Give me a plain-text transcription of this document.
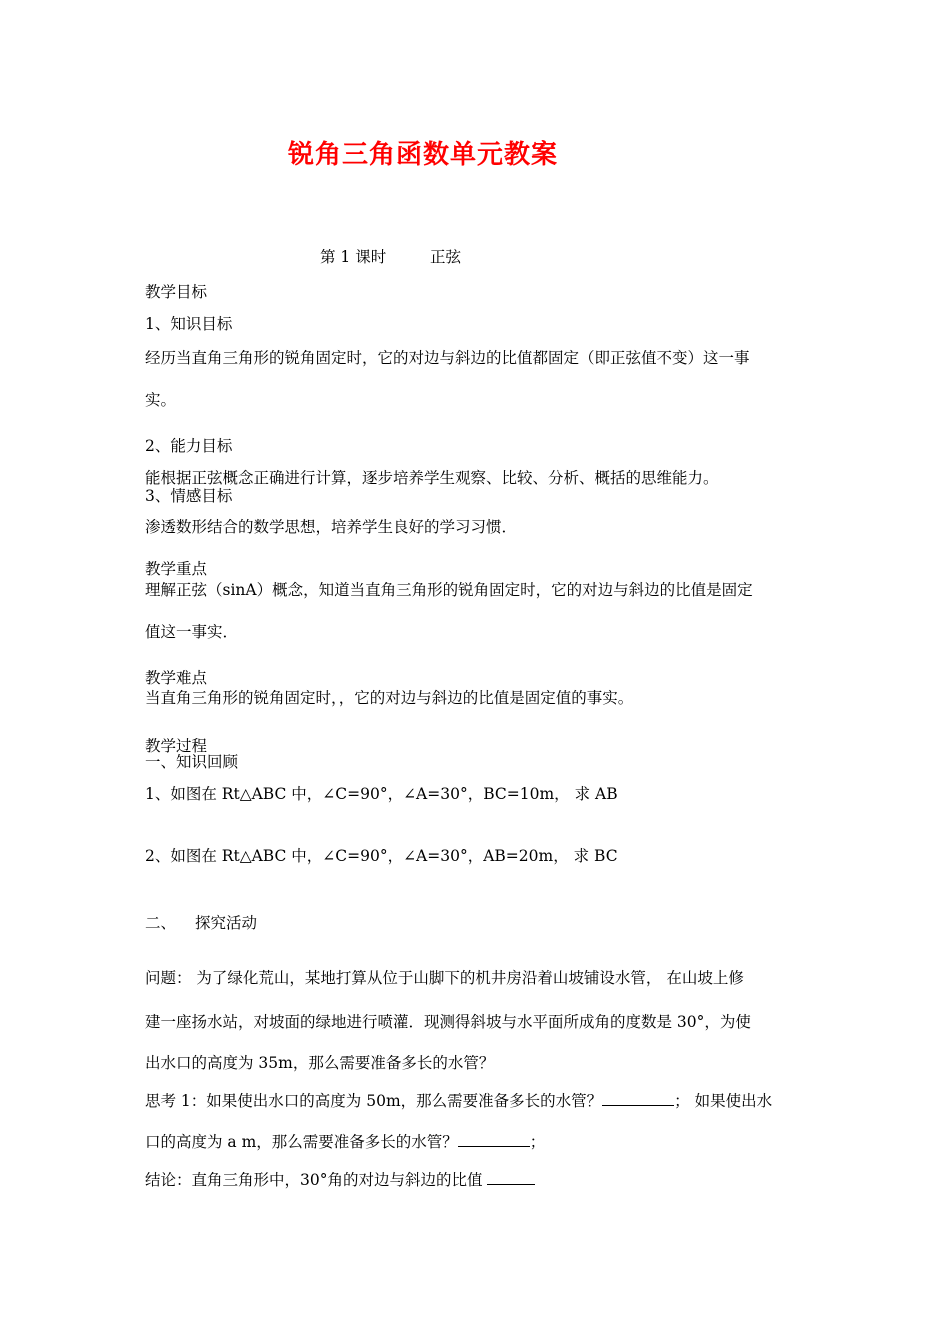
锐角三角函数单元教案
第 1 课时	正弦
教学目标
1、知识目标
经历当直角三角形的锐角固定时，它的对边与斜边的比值都固定（即正弦值不变）这一事
实。
2、能力目标
能根据正弦概念正确进行计算，逐步培养学生观察、比较、分析、概括的思维能力。
3、情感目标
渗透数形结合的数学思想，培养学生良好的学习习惯．
教学重点
理解正弦（sinA）概念，知道当直角三角形的锐角固定时，它的对边与斜边的比值是固定
值这一事实．
教学难点
当直角三角形的锐角固定时，，它的对边与斜边的比值是固定值的事实。
教学过程
一、知识回顾
1、如图在 Rt△ABC 中，∠C=90°，∠A=30°，BC=10m， 求 AB
2、如图在 Rt△ABC 中，∠C=90°，∠A=30°，AB=20m， 求 BC
二、 探究活动
问题： 为了绿化荒山，某地打算从位于山脚下的机井房沿着山坡铺设水管， 在山坡上修
建一座扬水站，对坡面的绿地进行喷灌．现测得斜坡与水平面所成角的度数是 30°，为使
出水口的高度为 35m，那么需要准备多长的水管？
思考 1：如果使出水口的高度为 50m，那么需要准备多长的水管？	； 如果使出水
口的高度为 a m，那么需要准备多长的水管？	；
结论：直角三角形中，30°角的对边与斜边的比值
